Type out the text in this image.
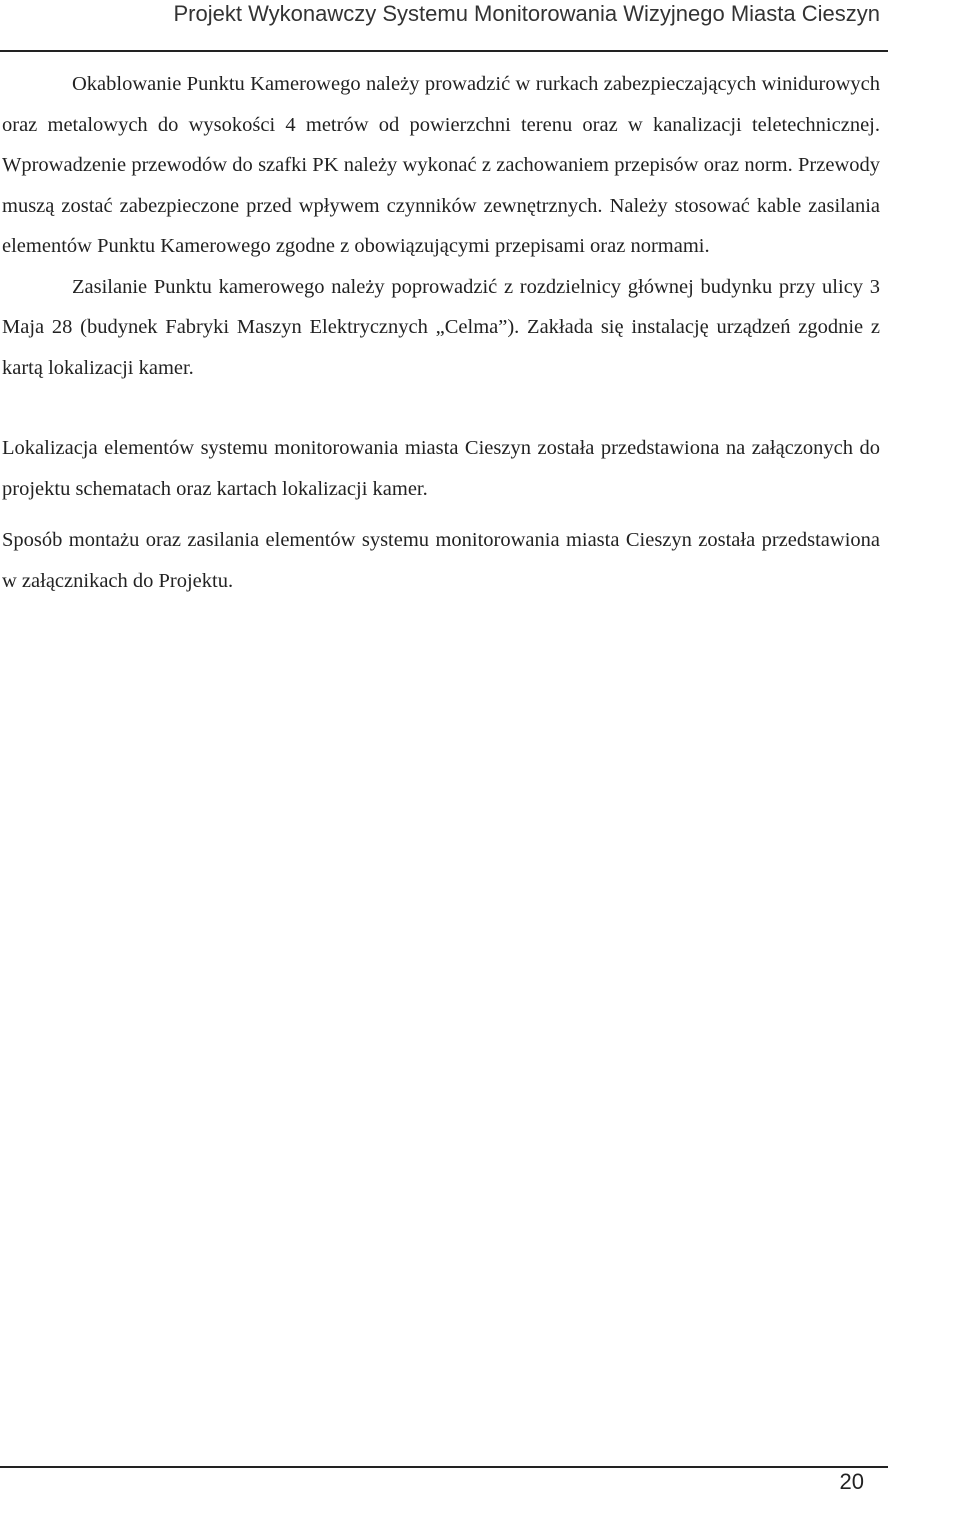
Projekt Wykonawczy Systemu Monitorowania Wizyjnego Miasta Cieszyn

Okablowanie Punktu Kamerowego należy prowadzić w rurkach zabezpieczających winidurowych oraz metalowych do wysokości 4 metrów od powierzchni terenu oraz w kanalizacji teletechnicznej. Wprowadzenie przewodów do szafki PK należy wykonać z zachowaniem przepisów oraz norm. Przewody muszą zostać zabezpieczone przed wpływem czynników zewnętrznych. Należy stosować kable zasilania elementów Punktu Kamerowego zgodne z obowiązującymi przepisami oraz normami.

Zasilanie Punktu kamerowego należy poprowadzić z rozdzielnicy głównej budynku przy ulicy 3 Maja 28 (budynek Fabryki Maszyn Elektrycznych „Celma”). Zakłada się instalację urządzeń zgodnie z kartą lokalizacji kamer.

Lokalizacja elementów systemu monitorowania miasta Cieszyn została przedstawiona na załączonych do projektu schematach oraz kartach lokalizacji kamer.

Sposób montażu oraz zasilania elementów systemu monitorowania miasta Cieszyn została przedstawiona w załącznikach do Projektu.

20
